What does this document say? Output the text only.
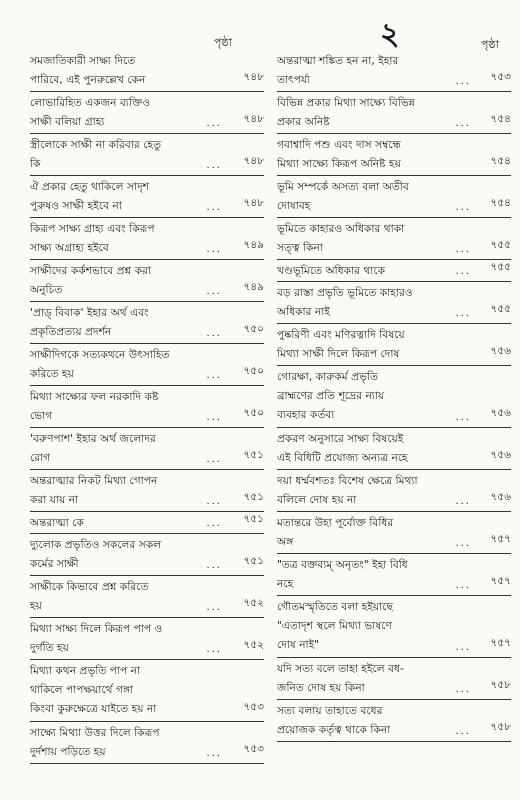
পৃষ্ঠা	২	পৃষ্ঠা
সমজাতিকারী সাক্ষ্য দিতে
পারিবে, এই পুনরুল্লেখ কেন	৭৪৮
লোভারিহিত একজন ব্যক্তিও
সাক্ষী বলিয়া গ্রাহ্য	...	৭৪৮
স্ত্রীলোকে সাক্ষী না করিবার হেতু
কি	...	৭৪৮
ঐ প্রকার হেতু থাকিলে সাদৃশ
পুরুষও সাক্ষী হইবে না	...	৭৪৮
কিরূপ সাক্ষ্য গ্রাহ্য এবং কিরূপ
সাক্ষ্য অগ্রাহ্য হইবে	...	৭৪৯
সাক্ষীদের কর্কশভাবে প্রশ্ন করা
অনুচিত	...	৭৪৯
'প্রাড্ বিবাক' ইহার অর্থ এবং
প্রকৃতিপ্রত্যয় প্রদর্শন	...	৭৫০
সাক্ষীদিগকে সত্যকথনে উৎসাহিত
করিতে হয়	...	৭৫০
মিথ্যা সাক্ষ্যের ফল নরকাদি কষ্ট
ভোগ	...	৭৫০
'বরুণপাশ' ইহার অর্থ জলোদর
রোগ	...	৭৫১
অন্তরাত্মার নিকট মিথ্যা গোপন
করা যায় না	...	৭৫১
অন্তরাত্মা কে	...	৭৫১
দ্যুলোক প্রভৃতিও সকলের সকল
কর্মের সাক্ষী	...	৭৫১
সাক্ষীকে কিভাবে প্রশ্ন করিতে
হয়	...	৭৫২
মিথ্যা সাক্ষ্য দিলে কিরূপ পাপ ও
দুর্গতি হয়	...	৭৫২
মিথ্যা কথন প্রভৃতি পাপ না
থাকিলে পাপক্ষয়ার্থে গঙ্গা
কিংবা কুরুক্ষেত্রে যাইতে হয় না	৭৫৩
সাক্ষ্যে মিথ্যা উত্তর দিলে কিরূপ
দুর্দশায় পড়িতে হয়	...	৭৫৩
অন্তরাত্মা শঙ্কিত হন না, ইহার
তাৎপর্য্য	...	৭৫৩
বিভিন্ন প্রকার মিথ্যা সাক্ষ্যে বিভিন্ন
প্রকার অনিষ্ট	...	৭৫৪
গবাশ্বাদি পশু এবং দাস সম্বন্ধে
মিথ্যা সাক্ষ্যে কিরূপ অনিষ্ট হয়	৭৫৪
ভূমি সম্পর্কে অসত্য বলা অতীব
দোষাবহ	...	৭৫৪
ভূমিতে কাহারও অধিকার থাকা
সত্ত্ব কিনা	...	৭৫৫
খণ্ডভূমিতে অধিকার থাকে	...	৭৫৫
বড় রাস্তা প্রভৃতি ভূমিতে কাহারও
অধিকার নাই	...	৭৫৫
পুষ্করিণী এবং মণিরত্নাদি বিষয়ে
মিথ্যা সাক্ষী দিলে কিরূপ দোষ	৭৫৬
গোরক্ষা, কারুকর্ম প্রভৃতি
ব্রাহ্মণের প্রতি শূদ্রের ন্যায়
ব্যবহার কর্তব্য	...	৭৫৬
প্রকরণ অনুসারে সাক্ষ্য বিষয়েই
এই বিধিটি প্রযোজ্য অন্যত্র নহে	৭৫৬
দয়া ধর্ম্মবশতঃ বিশেষ ক্ষেত্রে মিথ্যা
বলিলে দোষ হয় না	...	৭৫৬
মতান্তরে উহা পূর্বোক্ত বিধির
অঙ্গ	...	৭৫৭
"তত্র বক্তব্যম্ অনৃতং" ইহা বিধি
নহে	...	৭৫৭
গৌতমস্মৃতিতে বলা হইয়াছে
"এতাদৃশ স্থলে মিথ্যা ভাষণে
দোষ নাই"	...	৭৫৭
যদি সত্য বলে তাহা হইলে বধ-
জনিত দোষ হয় কিনা	...	৭৫৮
সত্য বলায় তাহাতে বধের
প্রয়োজক কর্তৃত্ব থাকে কিনা	...	৭৫৮
